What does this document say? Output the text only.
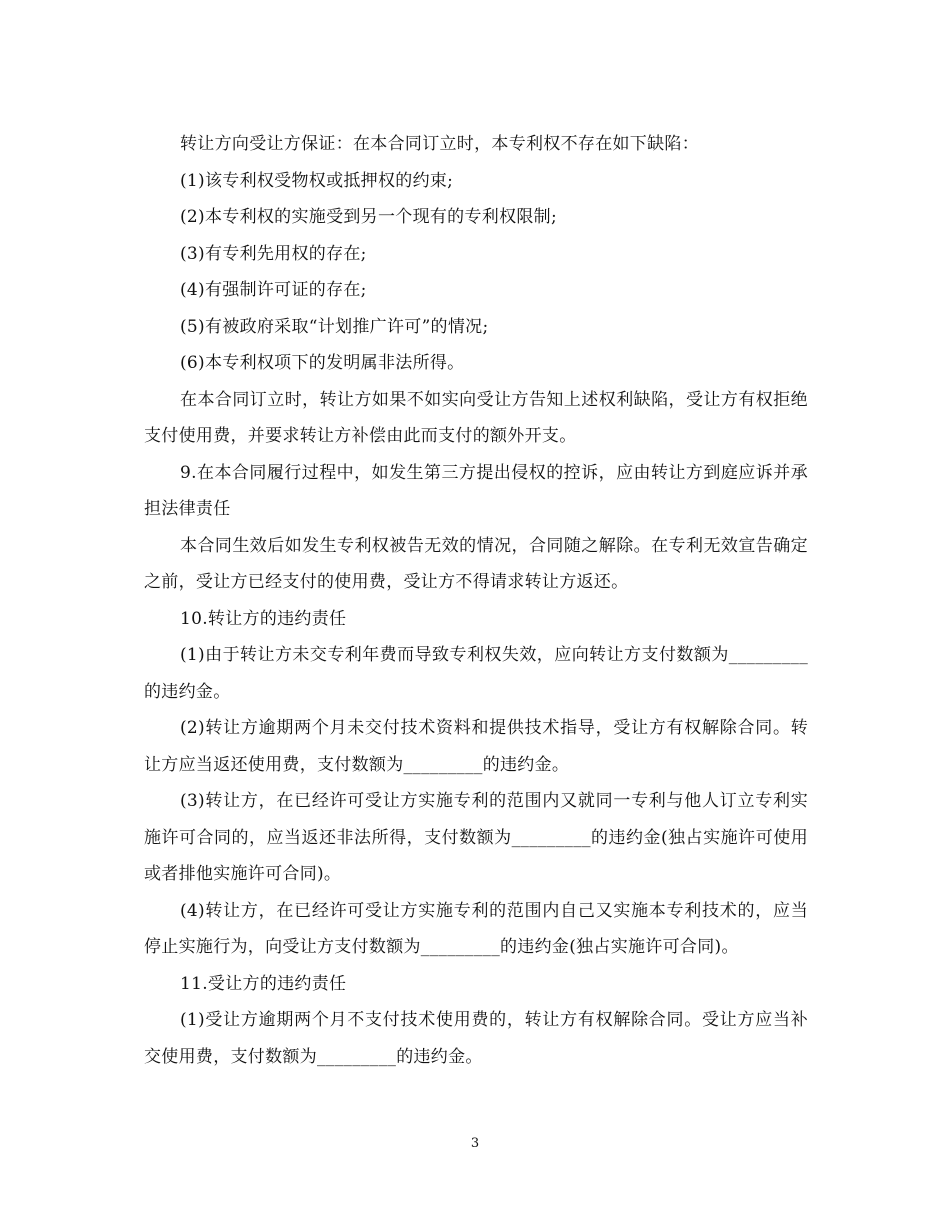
转让方向受让方保证：在本合同订立时，本专利权不存在如下缺陷：

(1)该专利权受物权或抵押权的约束;

(2)本专利权的实施受到另一个现有的专利权限制;

(3)有专利先用权的存在;

(4)有强制许可证的存在;

(5)有被政府采取“计划推广许可”的情况;

(6)本专利权项下的发明属非法所得。

在本合同订立时，转让方如果不如实向受让方告知上述权利缺陷，受让方有权拒绝支付使用费，并要求转让方补偿由此而支付的额外开支。

9.在本合同履行过程中，如发生第三方提出侵权的控诉，应由转让方到庭应诉并承担法律责任

本合同生效后如发生专利权被告无效的情况，合同随之解除。在专利无效宣告确定之前，受让方已经支付的使用费，受让方不得请求转让方返还。

10.转让方的违约责任

(1)由于转让方未交专利年费而导致专利权失效，应向转让方支付数额为_________的违约金。

(2)转让方逾期两个月未交付技术资料和提供技术指导，受让方有权解除合同。转让方应当返还使用费，支付数额为_________的违约金。

(3)转让方，在已经许可受让方实施专利的范围内又就同一专利与他人订立专利实施许可合同的，应当返还非法所得，支付数额为_________的违约金(独占实施许可使用或者排他实施许可合同)。

(4)转让方，在已经许可受让方实施专利的范围内自己又实施本专利技术的，应当停止实施行为，向受让方支付数额为_________的违约金(独占实施许可合同)。

11.受让方的违约责任

(1)受让方逾期两个月不支付技术使用费的，转让方有权解除合同。受让方应当补交使用费，支付数额为_________的违约金。

3
